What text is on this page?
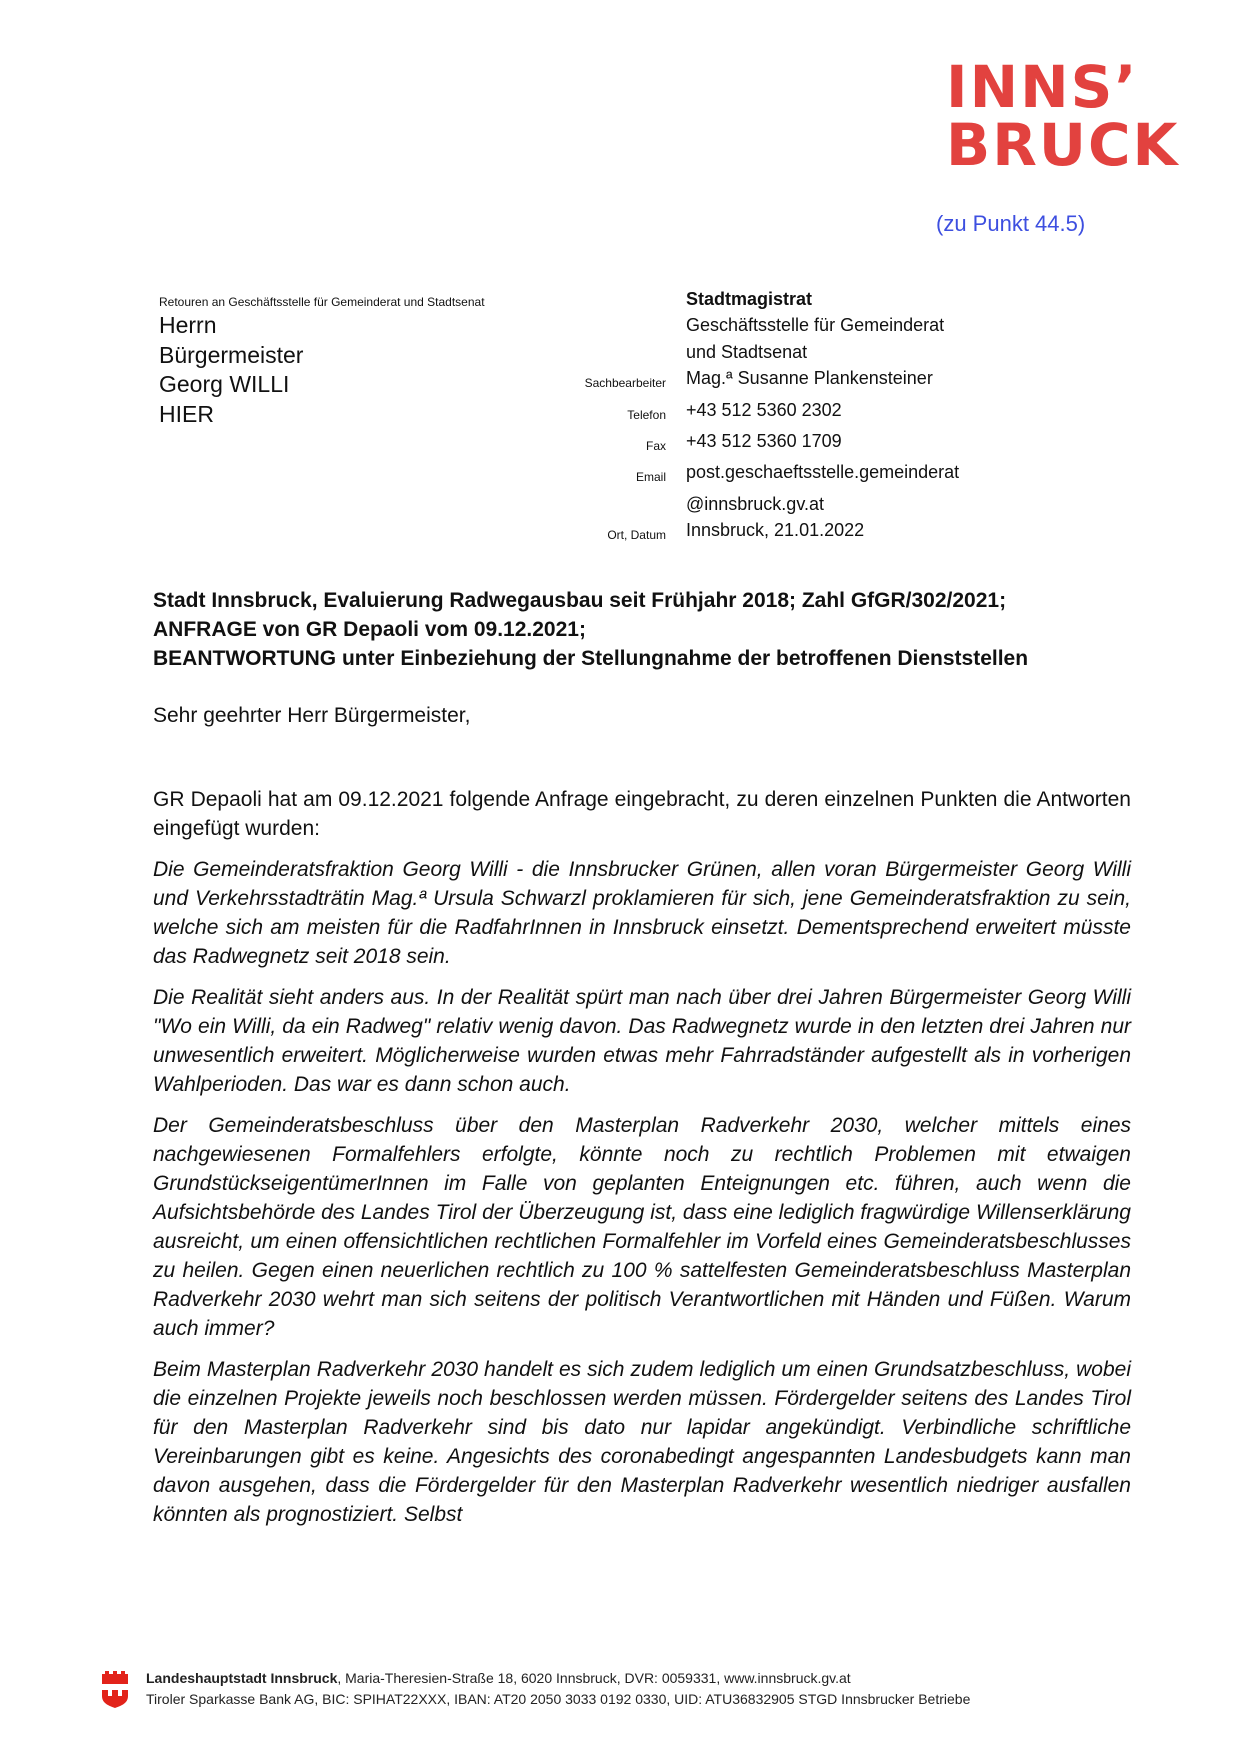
INNS’
BRUCK
(zu Punkt 44.5)
Retouren an Geschäftsstelle für Gemeinderat und Stadtsenat
Herrn
Bürgermeister
Georg WILLI
HIER
Stadtmagistrat
Geschäftsstelle für Gemeinderat
und Stadtsenat
Sachbearbeiter	Mag.ª Susanne Plankensteiner
Telefon	+43 512 5360 2302
Fax	+43 512 5360 1709
Email	post.geschaeftsstelle.gemeinderat
@innsbruck.gv.at
Ort, Datum	Innsbruck, 21.01.2022
Stadt Innsbruck, Evaluierung Radwegausbau seit Frühjahr 2018; Zahl GfGR/302/2021;
ANFRAGE von GR Depaoli vom 09.12.2021;
BEANTWORTUNG unter Einbeziehung der Stellungnahme der betroffenen Dienststellen
Sehr geehrter Herr Bürgermeister,

GR Depaoli hat am 09.12.2021 folgende Anfrage eingebracht, zu deren einzelnen Punkten die Antworten eingefügt wurden:

Die Gemeinderatsfraktion Georg Willi - die Innsbrucker Grünen, allen voran Bürgermeister Georg Willi und Verkehrsstadträtin Mag.ª Ursula Schwarzl proklamieren für sich, jene Gemeinderatsfraktion zu sein, welche sich am meisten für die RadfahrInnen in Innsbruck einsetzt. Dementsprechend erweitert müsste das Radwegnetz seit 2018 sein.

Die Realität sieht anders aus. In der Realität spürt man nach über drei Jahren Bürgermeister Georg Willi "Wo ein Willi, da ein Radweg" relativ wenig davon. Das Radwegnetz wurde in den letzten drei Jahren nur unwesentlich erweitert. Möglicherweise wurden etwas mehr Fahrradständer aufgestellt als in vorherigen Wahlperioden. Das war es dann schon auch.

Der Gemeinderatsbeschluss über den Masterplan Radverkehr 2030, welcher mittels eines nachgewiesenen Formalfehlers erfolgte, könnte noch zu rechtlich Problemen mit etwaigen GrundstückseigentümerInnen im Falle von geplanten Enteignungen etc. führen, auch wenn die Aufsichtsbehörde des Landes Tirol der Überzeugung ist, dass eine lediglich fragwürdige Willenserklärung ausreicht, um einen offensichtlichen rechtlichen Formalfehler im Vorfeld eines Gemeinderatsbeschlusses zu heilen. Gegen einen neuerlichen rechtlich zu 100 % sattelfesten Gemeinderatsbeschluss Masterplan Radverkehr 2030 wehrt man sich seitens der politisch Verantwortlichen mit Händen und Füßen. Warum auch immer?

Beim Masterplan Radverkehr 2030 handelt es sich zudem lediglich um einen Grundsatzbeschluss, wobei die einzelnen Projekte jeweils noch beschlossen werden müssen. Fördergelder seitens des Landes Tirol für den Masterplan Radverkehr sind bis dato nur lapidar angekündigt. Verbindliche schriftliche Vereinbarungen gibt es keine. Angesichts des coronabedingt angespannten Landesbudgets kann man davon ausgehen, dass die Fördergelder für den Masterplan Radverkehr wesentlich niedriger ausfallen könnten als prognostiziert. Selbst

Landeshauptstadt Innsbruck, Maria-Theresien-Straße 18, 6020 Innsbruck, DVR: 0059331, www.innsbruck.gv.at
Tiroler Sparkasse Bank AG, BIC: SPIHAT22XXX, IBAN: AT20 2050 3033 0192 0330, UID: ATU36832905 STGD Innsbrucker Betriebe
